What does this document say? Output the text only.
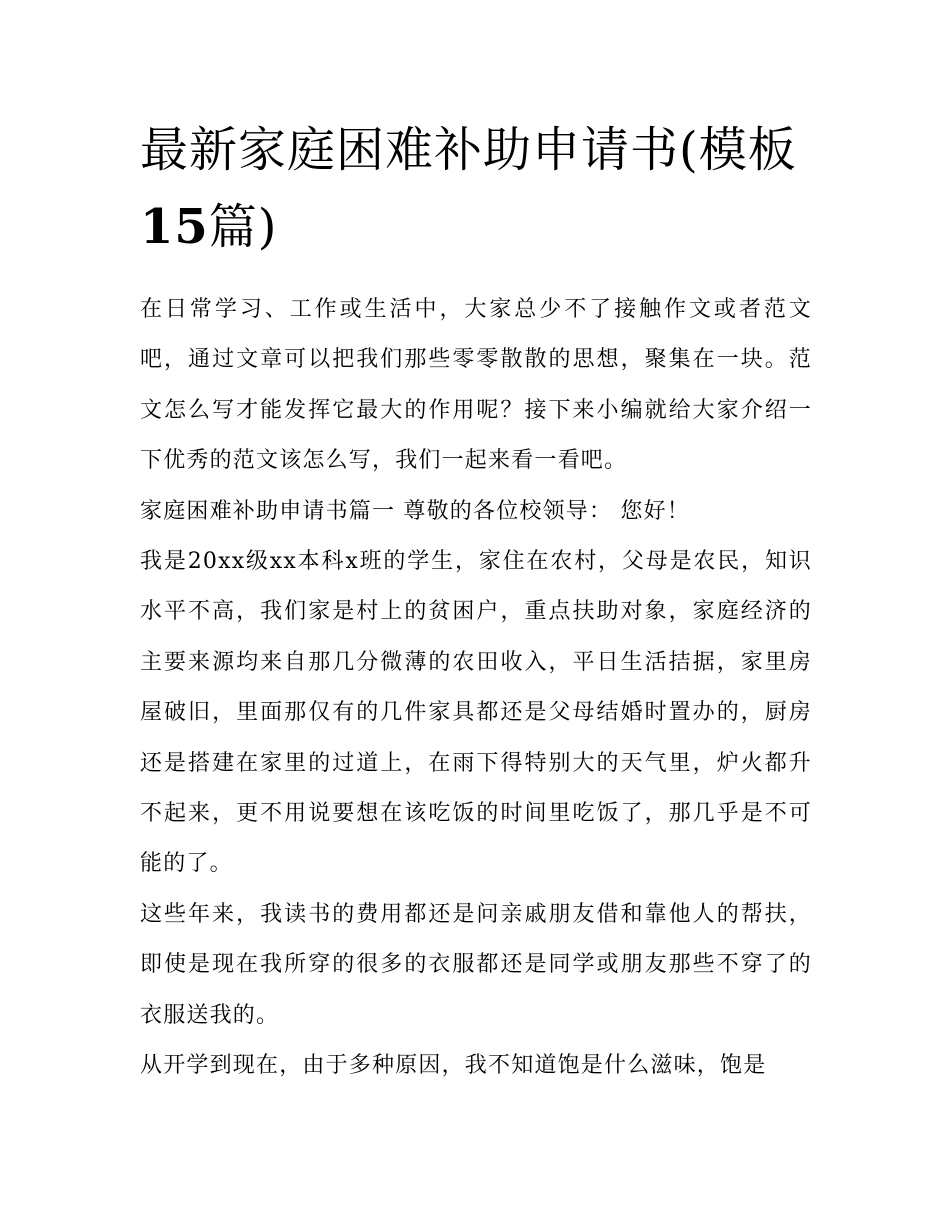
最新家庭困难补助申请书(模板15篇)

在日常学习、工作或生活中，大家总少不了接触作文或者范文吧，通过文章可以把我们那些零零散散的思想，聚集在一块。范文怎么写才能发挥它最大的作用呢？接下来小编就给大家介绍一下优秀的范文该怎么写，我们一起来看一看吧。

家庭困难补助申请书篇一 尊敬的各位校领导： 您好！

我是20xx级xx本科x班的学生，家住在农村，父母是农民，知识水平不高，我们家是村上的贫困户，重点扶助对象，家庭经济的主要来源均来自那几分微薄的农田收入，平日生活拮据，家里房屋破旧，里面那仅有的几件家具都还是父母结婚时置办的，厨房还是搭建在家里的过道上，在雨下得特别大的天气里，炉火都升不起来，更不用说要想在该吃饭的时间里吃饭了，那几乎是不可能的了。

这些年来，我读书的费用都还是问亲戚朋友借和靠他人的帮扶，即使是现在我所穿的很多的衣服都还是同学或朋友那些不穿了的衣服送我的。

从开学到现在，由于多种原因，我不知道饱是什么滋味，饱是
